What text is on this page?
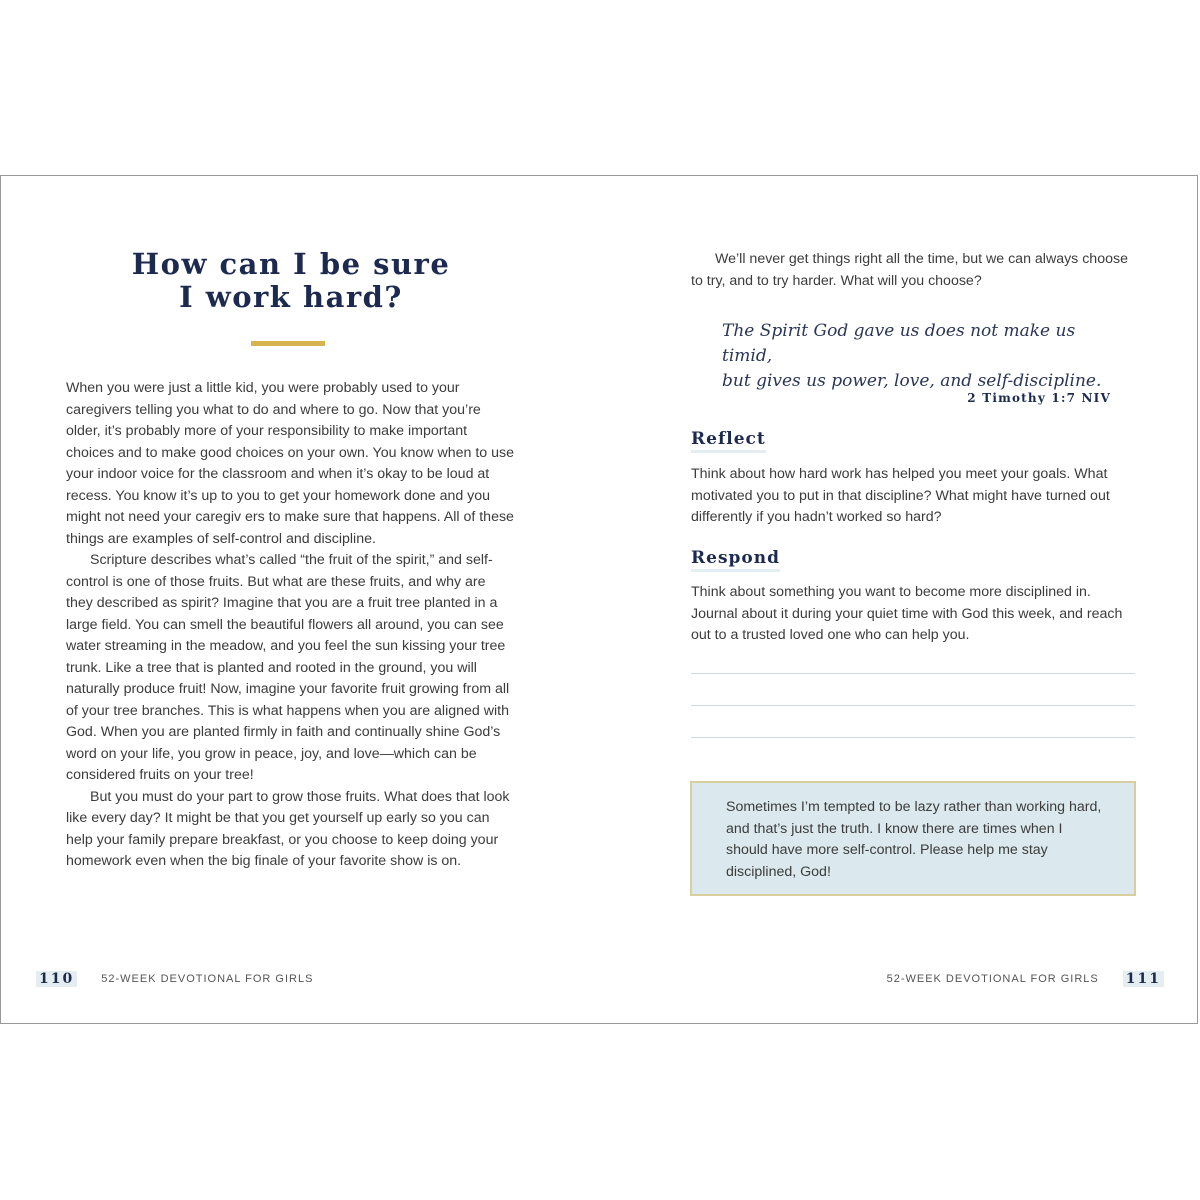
How can I be sure
I work hard?

When you were just a little kid, you were probably used to your caregivers telling you what to do and where to go. Now that you’re older, it’s probably more of your responsibility to make important choices and to make good choices on your own. You know when to use your indoor voice for the classroom and when it’s okay to be loud at recess. You know it’s up to you to get your homework done and you might not need your caregiv ers to make sure that happens. All of these things are examples of self-control and discipline.

Scripture describes what’s called “the fruit of the spirit,” and self-control is one of those fruits. But what are these fruits, and why are they described as spirit? Imagine that you are a fruit tree planted in a large field. You can smell the beautiful flowers all around, you can see water streaming in the meadow, and you feel the sun kissing your tree trunk. Like a tree that is planted and rooted in the ground, you will naturally produce fruit! Now, imagine your favorite fruit growing from all of your tree branches. This is what happens when you are aligned with God. When you are planted firmly in faith and continually shine God’s word on your life, you grow in peace, joy, and love—which can be considered fruits on your tree!

But you must do your part to grow those fruits. What does that look like every day? It might be that you get yourself up early so you can help your family prepare breakfast, or you choose to keep doing your homework even when the big finale of your favorite show is on.

110 52-WEEK DEVOTIONAL FOR GIRLS

We’ll never get things right all the time, but we can always choose to try, and to try harder. What will you choose?

The Spirit God gave us does not make us timid,
but gives us power, love, and self-discipline.
2 Timothy 1:7 NIV
Reflect

Think about how hard work has helped you meet your goals. What motivated you to put in that discipline? What might have turned out differently if you hadn’t worked so hard?

Respond

Think about something you want to become more disciplined in. Journal about it during your quiet time with God this week, and reach out to a trusted loved one who can help you.

Sometimes I’m tempted to be lazy rather than working hard, and that’s just the truth. I know there are times when I should have more self-control. Please help me stay disciplined, God!
52-WEEK DEVOTIONAL FOR GIRLS 111
